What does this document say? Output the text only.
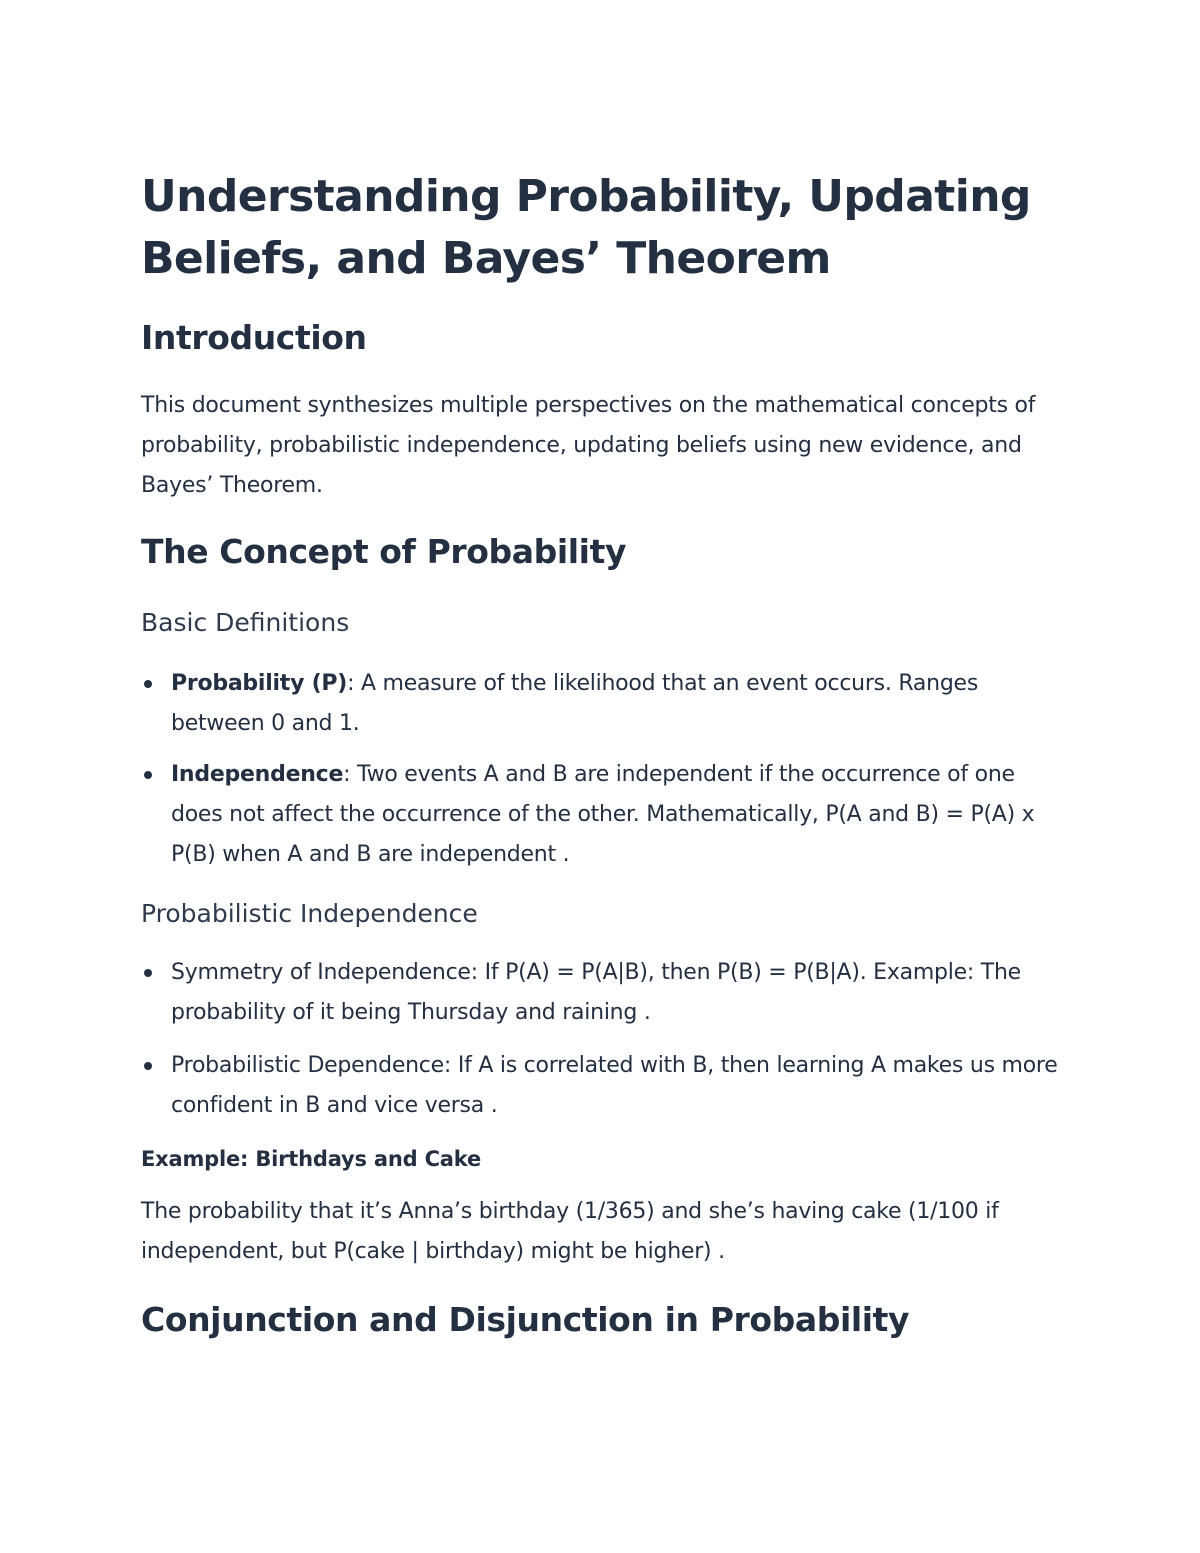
Understanding Probability, Updating Beliefs, and Bayes’ Theorem
Introduction

This document synthesizes multiple perspectives on the mathematical concepts of probability, probabilistic independence, updating beliefs using new evidence, and Bayes’ Theorem.

The Concept of Probability
Basic Definitions
Probability (P): A measure of the likelihood that an event occurs. Ranges between 0 and 1.
Independence: Two events A and B are independent if the occurrence of one does not affect the occurrence of the other. Mathematically, P(A and B) = P(A) x P(B) when A and B are independent .
Probabilistic Independence
Symmetry of Independence: If P(A) = P(A|B), then P(B) = P(B|A). Example: The probability of it being Thursday and raining .
Probabilistic Dependence: If A is correlated with B, then learning A makes us more confident in B and vice versa .
Example: Birthdays and Cake

The probability that it’s Anna’s birthday (1/365) and she’s having cake (1/100 if independent, but P(cake | birthday) might be higher) .

Conjunction and Disjunction in Probability
